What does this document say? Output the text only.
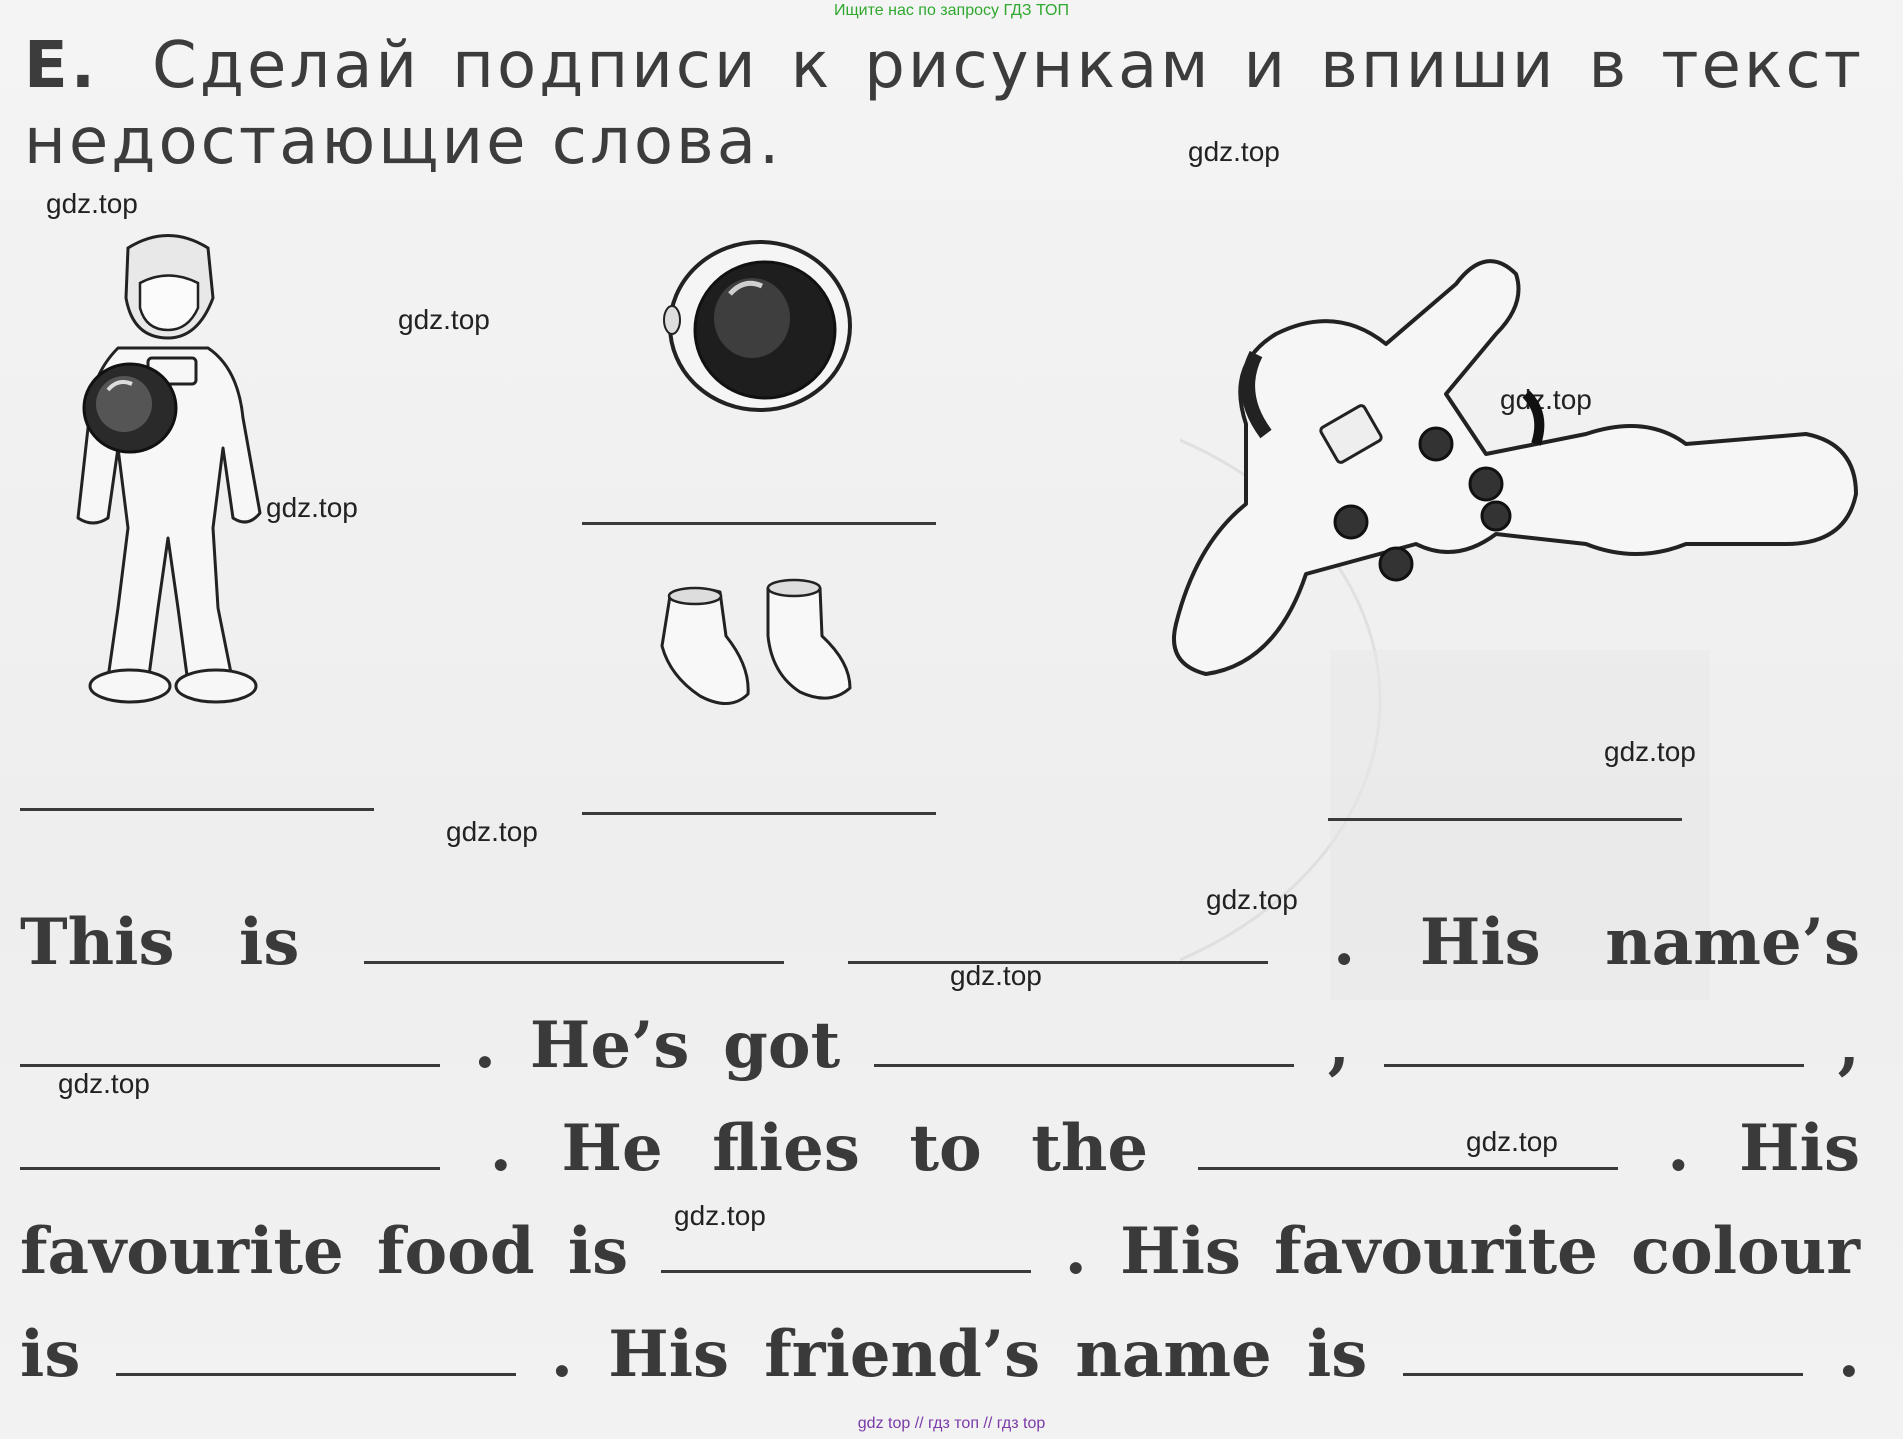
Ищите нас по запросу ГДЗ ТОП
E. Сделай подписи к рисункам и впиши в текст
недостающие слова.	gdz.top
gdz.top
gdz.top
gdz.top
gdz.top
gdz.top
gdz.top
gdz.top
gdz.top
gdz.top
gdz.top
gdz.top
This is	. His name’s
. He’s got	,	,
. He flies to the	. His
favourite food is	. His favourite colour
is	. His friend’s name is	.
gdz top // гдз топ // гдз top
